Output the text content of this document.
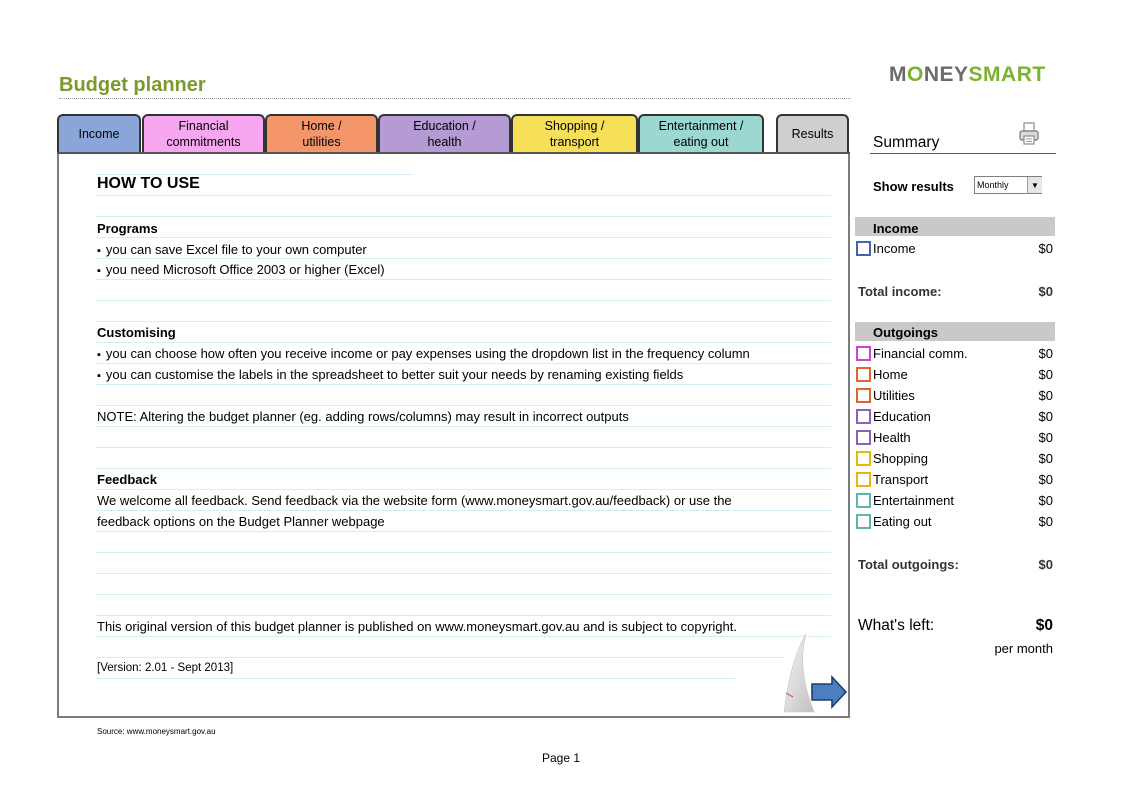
Budget planner	MONEYSMART
Income
Financial
commitments
Home /
utilities
Education /
health
Shopping /
transport
Entertainment /
eating out
Results
HOW TO USE
Programs
▪ you can save Excel file to your own computer
▪ you need Microsoft Office 2003 or higher (Excel)
Customising
▪ you can choose how often you receive income or pay expenses using the dropdown list in the frequency column
▪ you can customise the labels in the spreadsheet to better suit your needs by renaming existing fields
NOTE: Altering the budget planner (eg. adding rows/columns) may result in incorrect outputs
Feedback
We welcome all feedback. Send feedback via the website form (www.moneysmart.gov.au/feedback) or use the
feedback options on the Budget Planner webpage
This original version of this budget planner is published on www.moneysmart.gov.au and is subject to copyright.
[Version: 2.01 - Sept 2013]
Summary
Show results	Monthly	▼
Income
Income	$0
Total income:	$0
Outgoings
Financial comm.	$0
Home	$0
Utilities	$0
Education	$0
Health	$0
Shopping	$0
Transport	$0
Entertainment	$0
Eating out	$0
Total outgoings:	$0
What's left:	$0
per month
Source: www.moneysmart.gov.au
Page 1
